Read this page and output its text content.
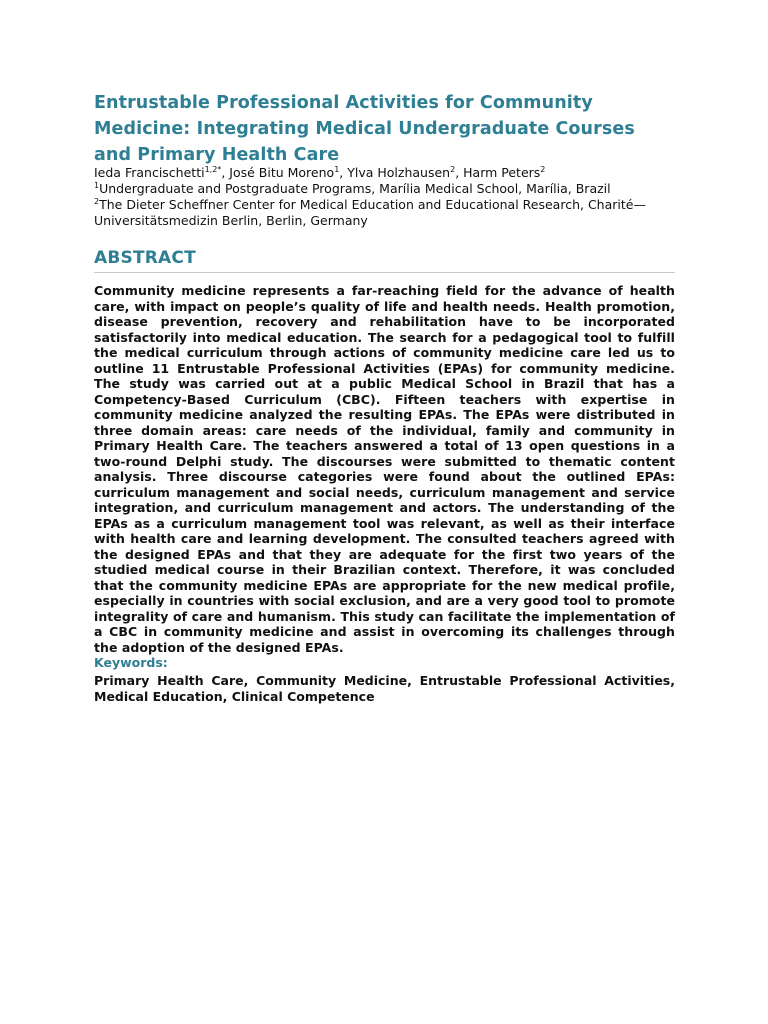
Entrustable Professional Activities for Community Medicine: Integrating Medical Undergraduate Courses and Primary Health Care
Ieda Francischetti$^{1,2*}$, José Bitu Moreno$^1$, Ylva Holzhausen$^2$, Harm Peters$^2$
$^1$Undergraduate and Postgraduate Programs, Marília Medical School, Marília, Brazil
$^2$The Dieter Scheffner Center for Medical Education and Educational Research, Charité—Universitätsmedizin Berlin, Berlin, Germany
ABSTRACT

Community medicine represents a far-reaching field for the advance of health care, with impact on people’s quality of life and health needs. Health promotion, disease prevention, recovery and rehabilitation have to be incorporated satisfactorily into medical education. The search for a pedagogical tool to fulfill the medical curriculum through actions of community medicine care led us to outline 11 Entrustable Professional Activities (EPAs) for community medicine. The study was carried out at a public Medical School in Brazil that has a Competency-Based Curriculum (CBC). Fifteen teachers with expertise in community medicine analyzed the resulting EPAs. The EPAs were distributed in three domain areas: care needs of the individual, family and community in Primary Health Care. The teachers answered a total of 13 open questions in a two-round Delphi study. The discourses were submitted to thematic content analysis. Three discourse categories were found about the outlined EPAs: curriculum management and social needs, curriculum management and service integration, and curriculum management and actors. The understanding of the EPAs as a curriculum management tool was relevant, as well as their interface with health care and learning development. The consulted teachers agreed with the designed EPAs and that they are adequate for the first two years of the studied medical course in their Brazilian context. Therefore, it was concluded that the community medicine EPAs are appropriate for the new medical profile, especially in countries with social exclusion, and are a very good tool to promote integrality of care and humanism. This study can facilitate the implementation of a CBC in community medicine and assist in overcoming its challenges through the adoption of the designed EPAs.

Keywords:

Primary Health Care, Community Medicine, Entrustable Professional Activities, Medical Education, Clinical Competence
